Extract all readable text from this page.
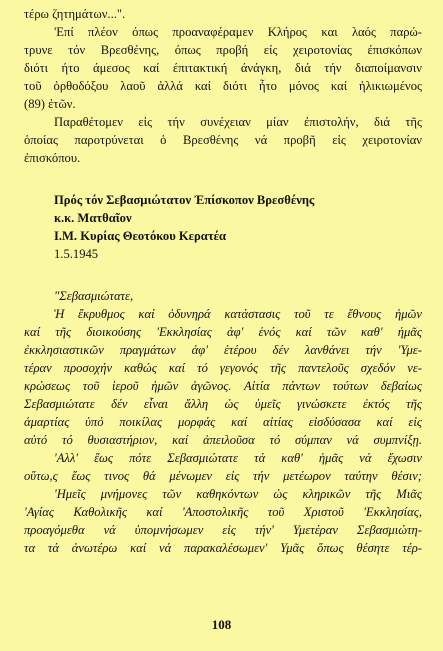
τέρω ζητημάτων...".
'Επί πλέον όπως προαναφέραμεν Κλήρος και λαός παρώ-
τρυνε τόν Βρεσθένης, όπως προβή είς χειροτονίας έπισκόπων
διότι ήτο άμεσος καί έπιτακτική άνάγκη, διά τήν διαποίμανσιν
τοῦ ὀρθοδόξου λαοῦ ἀλλά καί διότι ἦτο μόνος καί ἡλικιωμένος
(89) ἐτῶν.
Παραθέτομεν εἰς τήν συνέχειαν μίαν ἐπιστολήν, διά τῆς
ὁποίας παροτρύνεται ὁ Βρεσθένης νά προβῆ εἰς χειροτονίαν
ἐπισκόπου.
Πρός τόν Σεβασμιώτατον Ἐπίσκοπον Βρεσθένης
κ.κ. Ματθαῖον
Ι.Μ. Κυρίας Θεοτόκου Κερατέα
1.5.1945
"Σεβασμιώτατε,
Ἡ ἔκρυθμος καί ὀδυνηρά κατάστασις τοῦ τε ἔθνους ἡμῶν
καί τῆς διοικούσης 'Εκκλησίας ἀφ' ἑνός καί τῶν καθ' ἡμᾶς
ἐκκλησιαστικῶν πραγμάτων ἀφ' ἑτέρου δέν λανθάνει τήν 'Υμε-
τέραν προσοχήν καθώς καί τό γεγονός τῆς παντελοῦς σχεδόν νε-
κρώσεως τοῦ ἱεροῦ ἡμῶν ἀγῶνος. Αἰτία πάντων τούτων δεβαίως
Σεβασμιώτατε δέν εἶναι ἄλλη ὡς ὑμεῖς γινώσκετε ἐκτός τῆς
ἁμαρτίας ὑπό ποικίλας μορφάς καί αἰτίας εἰσδύσασα καί εἰς
αὐτό τό θυσιαστήριον, καί ἀπειλοῦσα τό σύμπαν νά συμπνίξῃ.
'Αλλ' ἕως πότε Σεβασμιώτατε τά καθ' ἡμᾶς νά ἔχωσιν
οὕτω,ς ἕως τινος θά μένωμεν εἰς τήν μετέωρον ταύτην θέσιν;
'Ημεῖς μνήμονες τῶν καθηκόντων ὡς κληρικῶν τῆς Μιᾶς
'Αγίας Καθολικῆς καί 'Αποστολικῆς τοῦ Χριστοῦ 'Εκκλησίας,
προαγόμεθα νά ὑπομνήσωμεν εἰς τήν' Υμετέραν Σεβασμιώτη-
τα τά ἀνωτέρω καί νά παρακαλέσωμεν' Υμᾶς ὅπως θέσητε τέρ-
108
